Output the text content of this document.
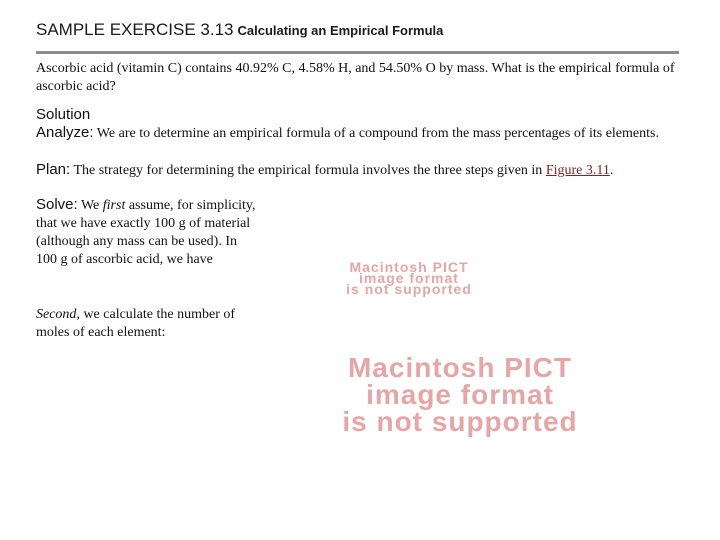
SAMPLE EXERCISE 3.13 Calculating an Empirical Formula
Ascorbic acid (vitamin C) contains 40.92% C, 4.58% H, and 54.50% O by mass. What is the empirical formula of ascorbic acid?
Solution
Analyze: We are to determine an empirical formula of a compound from the mass percentages of its elements.
Plan: The strategy for determining the empirical formula involves the three steps given in Figure 3.11.
Solve: We first assume, for simplicity, that we have exactly 100 g of material (although any mass can be used). In 100 g of ascorbic acid, we have
Second, we calculate the number of moles of each element:
Macintosh PICT
image format
is not supported
Macintosh PICT
image format
is not supported
